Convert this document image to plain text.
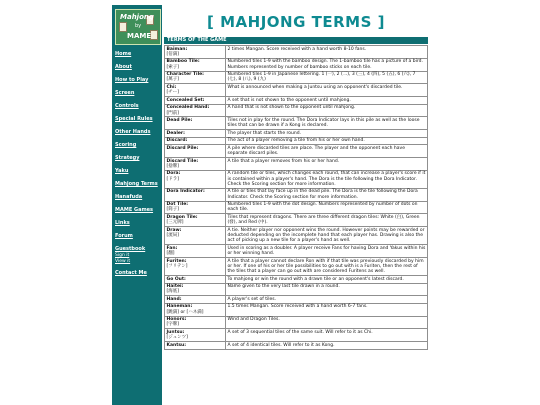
Mahjong
by
MAME
Home
About
How to Play
Screen
Controls
Special Rules
Other Hands
Scoring
Strategy
Yaku
Mahjong Terms
Hanafuda
MAME Games
Links
Forum
Guestbook
Sign it
View it
Contact Me
[ MAHJONG TERMS ]
TERMS OF THE GAME
Baiman:
[倍満]	2 times Mangan. Score received with a hand worth 8-10 fans.
Bamboo Tile:
[索子]	Numbered tiles 1-9 with the bamboo design. The 1-bamboo tile has a picture of a bird. Numbers represented by number of bamboo sticks on each tile.
Character Tile:
[萬子]	Numbered tiles 1-9 in Japanese lettering. 1 (一), 2 (二), 3 (三), 4 (四), 5 (五), 6 (六), 7 (七), 8 (八), 9 (九)
Chi:
[チー]	What is announced when making a Juntsu using an opponent's discarded tile.
Concealed Set:	A set that is not shown to the opponent until mahjong.
Concealed Hand:
[門前]	A hand that is not shown to the opponent until mahjong.
Dead Pile:	Tiles not in play for the round. The Dora Indicator lays in this pile as well as the loose tiles that can be drawn if a Kong is declared.
Dealer:	The player that starts the round.
Discard:	The act of a player removing a tile from his or her own hand.
Discard Pile:	A pile where discarded tiles are place. The player and the opponent each have separate discard piles.
Discard Tile:
[捨牌]	A tile that a player removes from his or her hand.
Dora:
[ドラ]	A random tile or tiles, which changes each round, that can increase a player's score if it is contained within a player's hand. The Dora is the tile following the Dora Indicator. Check the Scoring section for more information.
Dora Indicator:	A tile or tiles that lay face up in the dead pile. The Dora is the tile following the Dora Indicator. Check the Scoring section for more information.
Dot Tile:
[筒子]	Numbered tiles 1-9 with the dot design. Numbers represented by number of dots on each tile.
Dragon Tile:
[三元牌]	Tiles that represent dragons. There are three different dragon tiles: White (白), Green (發), and Red (中).
Draw:
[流局]	A tie. Neither player nor opponent wins the round. However points may be rewarded or deducted depending on the incomplete hand that each player has. Drawing is also the act of picking up a new tile for a player's hand as well.
Fan:
[翻]	Used in scoring as a doubler. A player receive Fans for having Dora and Yakus within his or her winning hand.
Furiten:
[フリテン]	A tile that a player cannot declare Ron with if that tile was previously discarded by him or her. If one of his or her tile possibilities to go out with is a Furiten, then the rest of the tiles that a player can go out with are considered Furitens as well.
Go Out:	To mahjong or win the round with a drawn tile or an opponent's latest discard.
Haitei:
[海底]	Name given to the very last tile drawn in a round.
Hand:	A player's set of tiles.
Haneman:
[跳満] or [ハネ満]	1.5 times Mangan. Score received with a hand worth 6-7 fans.
Honors:
[字牌]	Wind and Dragon Tiles.
Juntsu:
[ジュンツ]	A set of 3 sequential tiles of the same suit. Will refer to it as Chi.
Kantsu:	A set of 4 identical tiles. Will refer to it as Kong.
